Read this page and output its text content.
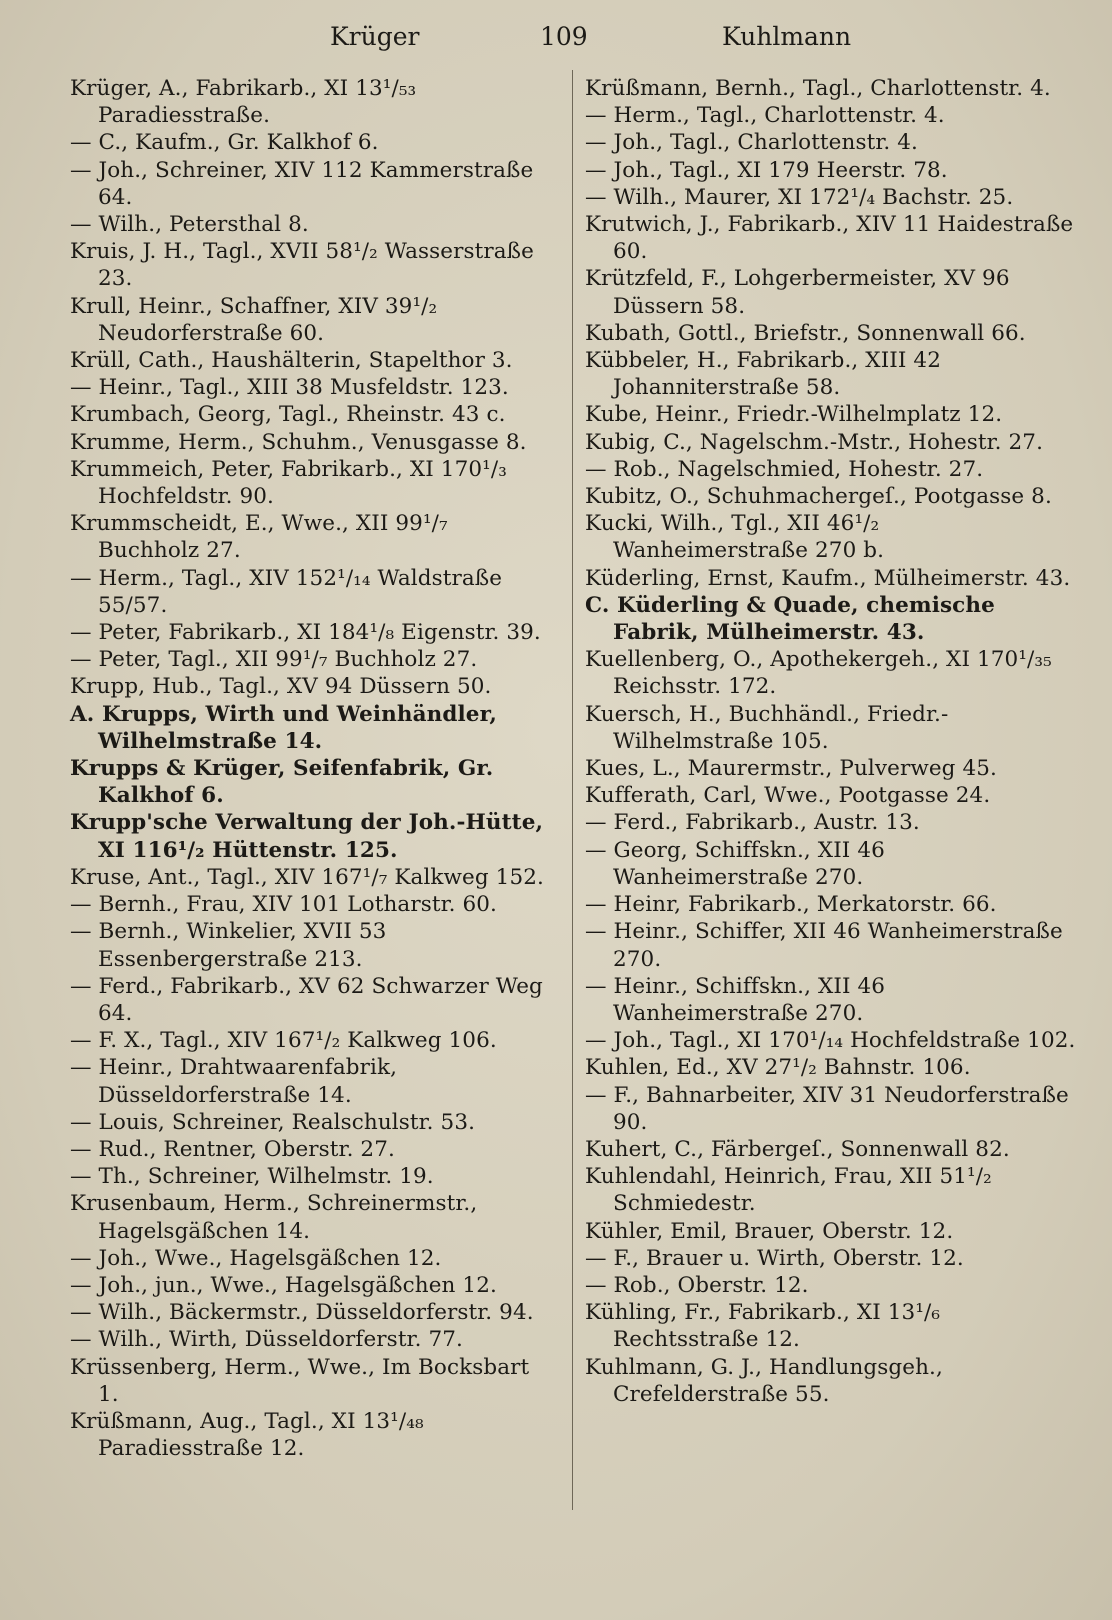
Krüger	109	Kuhlmann
Krüger, A., Fabrikarb., XI 13¹/₅₃ Paradiesstraße.
— C., Kaufm., Gr. Kalkhof 6.
— Joh., Schreiner, XIV 112 Kammerstraße 64.
— Wilh., Petersthal 8.
Kruis, J. H., Tagl., XVII 58¹/₂ Wasserstraße 23.
Krull, Heinr., Schaffner, XIV 39¹/₂ Neudorferstraße 60.
Krüll, Cath., Haushälterin, Stapelthor 3.
— Heinr., Tagl., XIII 38 Musfeldstr. 123.
Krumbach, Georg, Tagl., Rheinstr. 43 c.
Krumme, Herm., Schuhm., Venusgasse 8.
Krummeich, Peter, Fabrikarb., XI 170¹/₃ Hochfeldstr. 90.
Krummscheidt, E., Wwe., XII 99¹/₇ Buchholz 27.
— Herm., Tagl., XIV 152¹/₁₄ Waldstraße 55/57.
— Peter, Fabrikarb., XI 184¹/₈ Eigenstr. 39.
— Peter, Tagl., XII 99¹/₇ Buchholz 27.
Krupp, Hub., Tagl., XV 94 Düssern 50.
A. Krupps, Wirth und Weinhändler, Wilhelmstraße 14.
Krupps & Krüger, Seifenfabrik, Gr. Kalkhof 6.
Krupp'sche Verwaltung der Joh.-Hütte, XI 116¹/₂ Hüttenstr. 125.
Kruse, Ant., Tagl., XIV 167¹/₇ Kalkweg 152.
— Bernh., Frau, XIV 101 Lotharstr. 60.
— Bernh., Winkelier, XVII 53 Essenbergerstraße 213.
— Ferd., Fabrikarb., XV 62 Schwarzer Weg 64.
— F. X., Tagl., XIV 167¹/₂ Kalkweg 106.
— Heinr., Drahtwaarenfabrik, Düsseldorferstraße 14.
— Louis, Schreiner, Realschulstr. 53.
— Rud., Rentner, Oberstr. 27.
— Th., Schreiner, Wilhelmstr. 19.
Krusenbaum, Herm., Schreinermstr., Hagelsgäßchen 14.
— Joh., Wwe., Hagelsgäßchen 12.
— Joh., jun., Wwe., Hagelsgäßchen 12.
— Wilh., Bäckermstr., Düsseldorferstr. 94.
— Wilh., Wirth, Düsseldorferstr. 77.
Krüssenberg, Herm., Wwe., Im Bocksbart 1.
Krüßmann, Aug., Tagl., XI 13¹/₄₈ Paradiesstraße 12.
Krüßmann, Bernh., Tagl., Charlottenstr. 4.
— Herm., Tagl., Charlottenstr. 4.
— Joh., Tagl., Charlottenstr. 4.
— Joh., Tagl., XI 179 Heerstr. 78.
— Wilh., Maurer, XI 172¹/₄ Bachstr. 25.
Krutwich, J., Fabrikarb., XIV 11 Haidestraße 60.
Krützfeld, F., Lohgerbermeister, XV 96 Düssern 58.
Kubath, Gottl., Briefstr., Sonnenwall 66.
Kübbeler, H., Fabrikarb., XIII 42 Johanniterstraße 58.
Kube, Heinr., Friedr.-Wilhelmplatz 12.
Kubig, C., Nagelschm.-Mstr., Hohestr. 27.
— Rob., Nagelschmied, Hohestr. 27.
Kubitz, O., Schuhmachergeſ., Pootgasse 8.
Kucki, Wilh., Tgl., XII 46¹/₂ Wanheimerstraße 270 b.
Küderling, Ernst, Kaufm., Mülheimerstr. 43.
C. Küderling & Quade, chemische Fabrik, Mülheimerstr. 43.
Kuellenberg, O., Apothekergeh., XI 170¹/₃₅ Reichsstr. 172.
Kuersch, H., Buchhändl., Friedr.-Wilhelmstraße 105.
Kues, L., Maurermstr., Pulverweg 45.
Kufferath, Carl, Wwe., Pootgasse 24.
— Ferd., Fabrikarb., Austr. 13.
— Georg, Schiffskn., XII 46 Wanheimerstraße 270.
— Heinr, Fabrikarb., Merkatorstr. 66.
— Heinr., Schiffer, XII 46 Wanheimerstraße 270.
— Heinr., Schiffskn., XII 46 Wanheimerstraße 270.
— Joh., Tagl., XI 170¹/₁₄ Hochfeldstraße 102.
Kuhlen, Ed., XV 27¹/₂ Bahnstr. 106.
— F., Bahnarbeiter, XIV 31 Neudorferstraße 90.
Kuhert, C., Färbergeſ., Sonnenwall 82.
Kuhlendahl, Heinrich, Frau, XII 51¹/₂ Schmiedestr.
Kühler, Emil, Brauer, Oberstr. 12.
— F., Brauer u. Wirth, Oberstr. 12.
— Rob., Oberstr. 12.
Kühling, Fr., Fabrikarb., XI 13¹/₆ Rechtsstraße 12.
Kuhlmann, G. J., Handlungsgeh., Crefelderstraße 55.
